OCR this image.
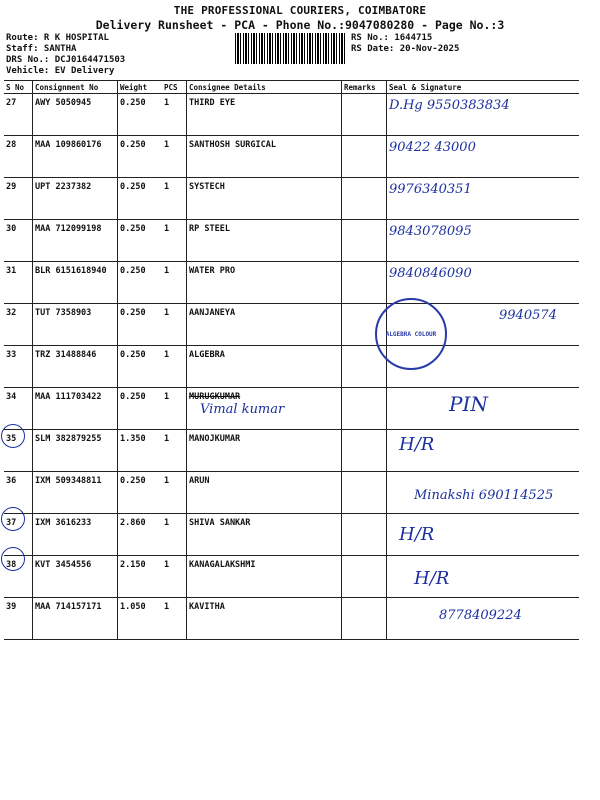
THE PROFESSIONAL COURIERS, COIMBATORE
Delivery Runsheet - PCA - Phone No.:9047080280 - Page No.:3
Route: R K HOSPITAL
Staff: SANTHA
DRS No.: DCJ0164471503
Vehicle: EV Delivery
RS No.: 1644715
RS Date: 20-Nov-2025
S No	Consignment No	Weight	PCS	Consignee Details	Remarks	Seal & Signature
27	AWY 5050945	0.250	1	THIRD EYE		D.Hg 9550383834
28	MAA 109860176	0.250	1	SANTHOSH SURGICAL		90422 43000
29	UPT 2237382	0.250	1	SYSTECH		9976340351
30	MAA 712099198	0.250	1	RP STEEL		9843078095
31	BLR 6151618940	0.250	1	WATER PRO		9840846090
32	TUT 7358903	0.250	1	AANJANEYA		9940574
33	TRZ 31488846	0.250	1	ALGEBRA		
34	MAA 111703422	0.250	1	MURUGKUMAR		PIN
35	SLM 382879255	1.350	1	MANOJKUMAR		H/R
36	IXM 509348811	0.250	1	ARUN		Minakshi 690114525
37	IXM 3616233	2.860	1	SHIVA SANKAR		H/R
38	KVT 3454556	2.150	1	KANAGALAKSHMI		H/R
39	MAA 714157171	1.050	1	KAVITHA		8778409224
ALGEBRA COLOUR
Vimal kumar
